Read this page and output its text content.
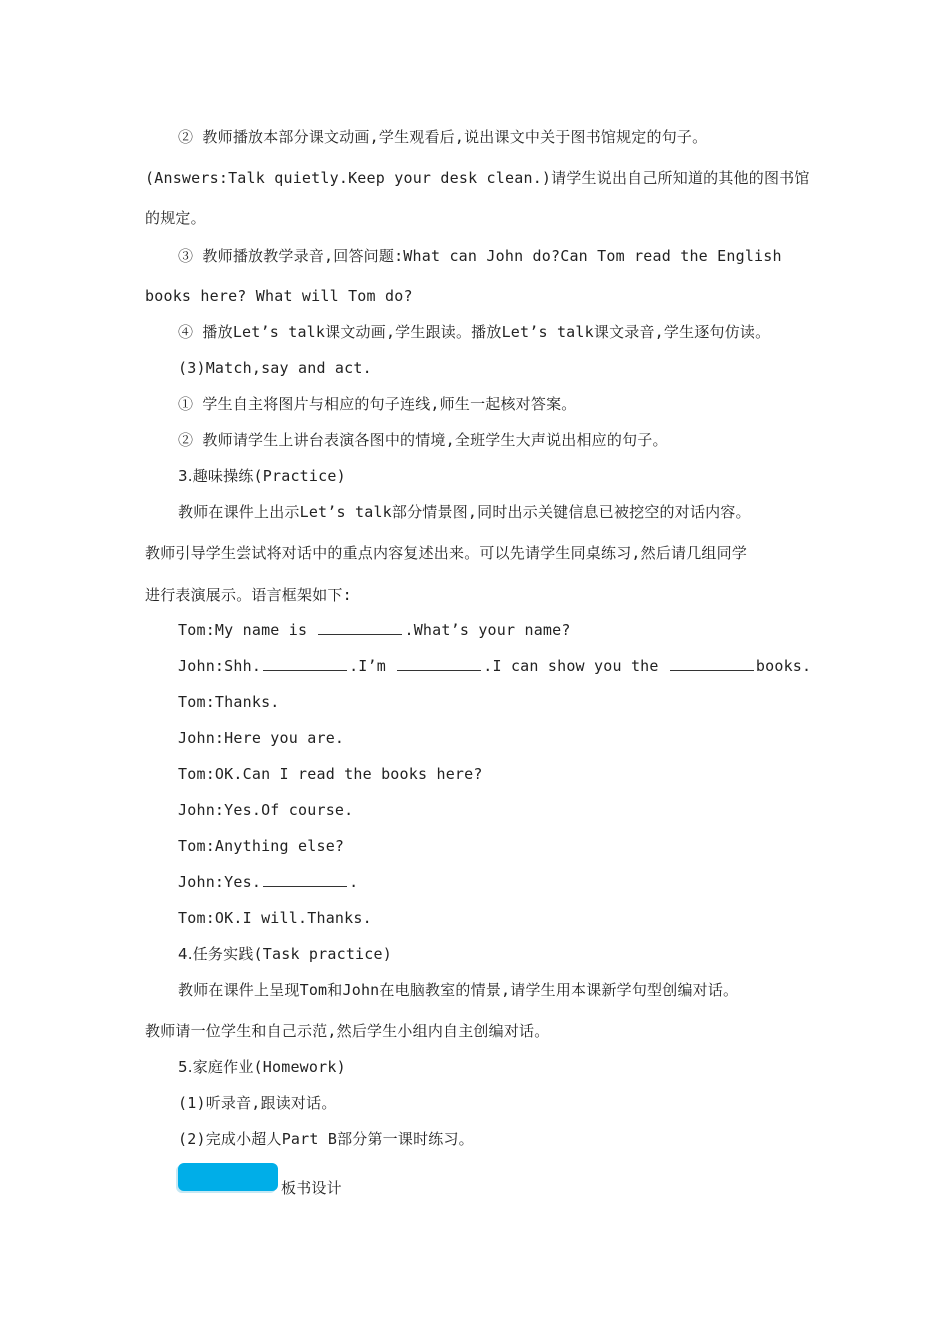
② 教师播放本部分课文动画,学生观看后,说出课文中关于图书馆规定的句子。
(Answers:Talk quietly.Keep your desk clean.)请学生说出自己所知道的其他的图书馆
的规定。
③ 教师播放教学录音,回答问题:What can John do?Can Tom read the English
books here? What will Tom do?
④ 播放Let’s talk课文动画,学生跟读。播放Let’s talk课文录音,学生逐句仿读。
(3)Match,say and act.
① 学生自主将图片与相应的句子连线,师生一起核对答案。
② 教师请学生上讲台表演各图中的情境,全班学生大声说出相应的句子。
3.趣味操练(Practice)
教师在课件上出示Let’s talk部分情景图,同时出示关键信息已被挖空的对话内容。
教师引导学生尝试将对话中的重点内容复述出来。可以先请学生同桌练习,然后请几组同学
进行表演展示。语言框架如下:
Tom:My name is	.What’s your name?
John:Shh.	.I’m	.I can show you the	books.
Tom:Thanks.
John:Here you are.
Tom:OK.Can I read the books here?
John:Yes.Of course.
Tom:Anything else?
John:Yes.	.
Tom:OK.I will.Thanks.
4.任务实践(Task practice)
教师在课件上呈现Tom和John在电脑教室的情景,请学生用本课新学句型创编对话。
教师请一位学生和自己示范,然后学生小组内自主创编对话。
5.家庭作业(Homework)
(1)听录音,跟读对话。
(2)完成小超人Part B部分第一课时练习。
板书设计
